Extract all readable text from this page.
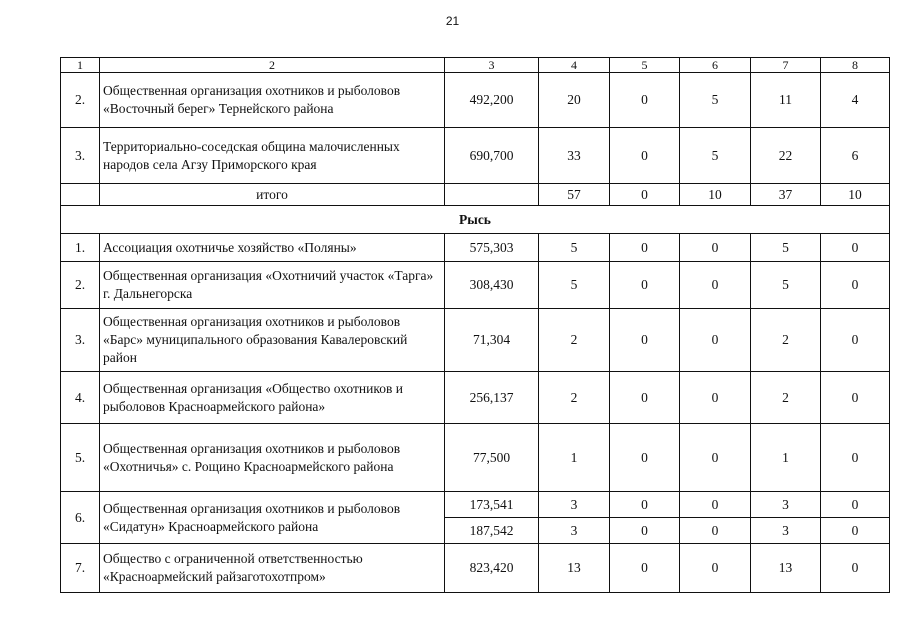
21
1	2	3	4	5	6	7	8
2.	Общественная организация охотников и рыболовов «Восточный берег» Тернейского района	492,200	20	0	5	11	4
3.	Территориально-соседская община малочисленных народов села Агзу Приморского края	690,700	33	0	5	22	6
	итого		57	0	10	37	10
Рысь							
1.	Ассоциация охотничье хозяйство «Поляны»	575,303	5	0	0	5	0
2.	Общественная организация «Охотничий участок «Тарга» г. Дальнегорска	308,430	5	0	0	5	0
3.	Общественная организация охотников и рыболовов «Барс» муниципального образования Кавалеровский район	71,304	2	0	0	2	0
4.	Общественная организация «Общество охотников и рыболовов Красноармейского района»	256,137	2	0	0	2	0
5.	Общественная организация охотников и рыболовов «Охотничья» с. Рощино Красноармейского района	77,500	1	0	0	1	0
6.	Общественная организация охотников и рыболовов «Сидатун» Красноармейского района	173,541	3	0	0	3	0
		187,542	3	0	0	3	0
7.	Общество с ограниченной ответственностью «Красноармейский райзаготохотпром»	823,420	13	0	0	13	0
